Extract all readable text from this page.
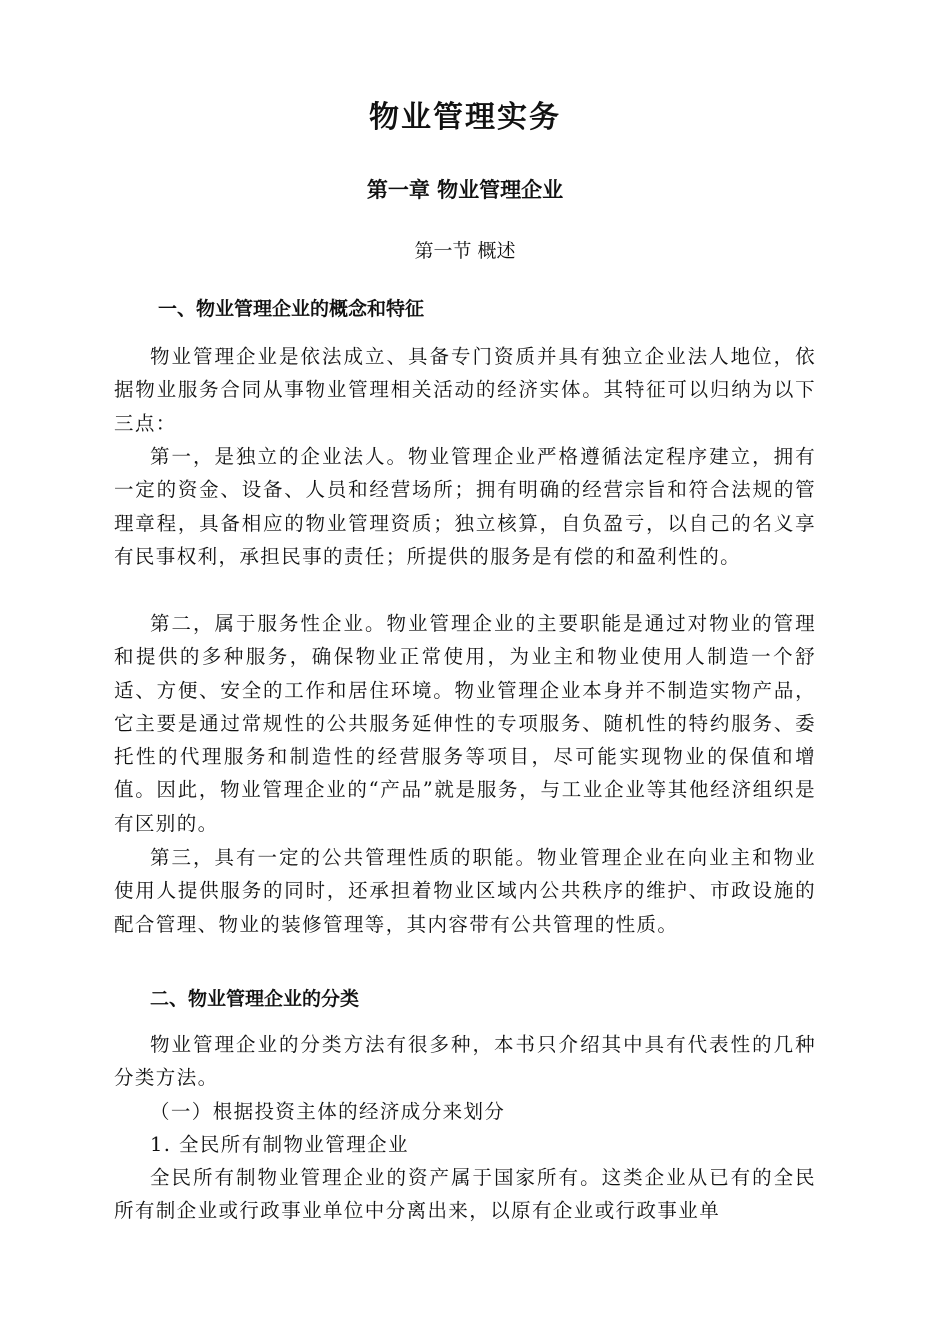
物业管理实务
第一章 物业管理企业
第一节 概述
一、物业管理企业的概念和特征
物业管理企业是依法成立、具备专门资质并具有独立企业法人地位，依据物业服务合同从事物业管理相关活动的经济实体。其特征可以归纳为以下三点：
第一，是独立的企业法人。物业管理企业严格遵循法定程序建立，拥有一定的资金、设备、人员和经营场所；拥有明确的经营宗旨和符合法规的管理章程，具备相应的物业管理资质；独立核算，自负盈亏，以自己的名义享有民事权利，承担民事的责任；所提供的服务是有偿的和盈利性的。
第二，属于服务性企业。物业管理企业的主要职能是通过对物业的管理和提供的多种服务，确保物业正常使用，为业主和物业使用人制造一个舒适、方便、安全的工作和居住环境。物业管理企业本身并不制造实物产品，它主要是通过常规性的公共服务延伸性的专项服务、随机性的特约服务、委托性的代理服务和制造性的经营服务等项目，尽可能实现物业的保值和增值。因此，物业管理企业的“产品”就是服务，与工业企业等其他经济组织是有区别的。
第三，具有一定的公共管理性质的职能。物业管理企业在向业主和物业使用人提供服务的同时，还承担着物业区域内公共秩序的维护、市政设施的配合管理、物业的装修管理等，其内容带有公共管理的性质。
二、物业管理企业的分类
物业管理企业的分类方法有很多种，本书只介绍其中具有代表性的几种分类方法。
（一）根据投资主体的经济成分来划分
1. 全民所有制物业管理企业
全民所有制物业管理企业的资产属于国家所有。这类企业从已有的全民所有制企业或行政事业单位中分离出来，以原有企业或行政事业单
